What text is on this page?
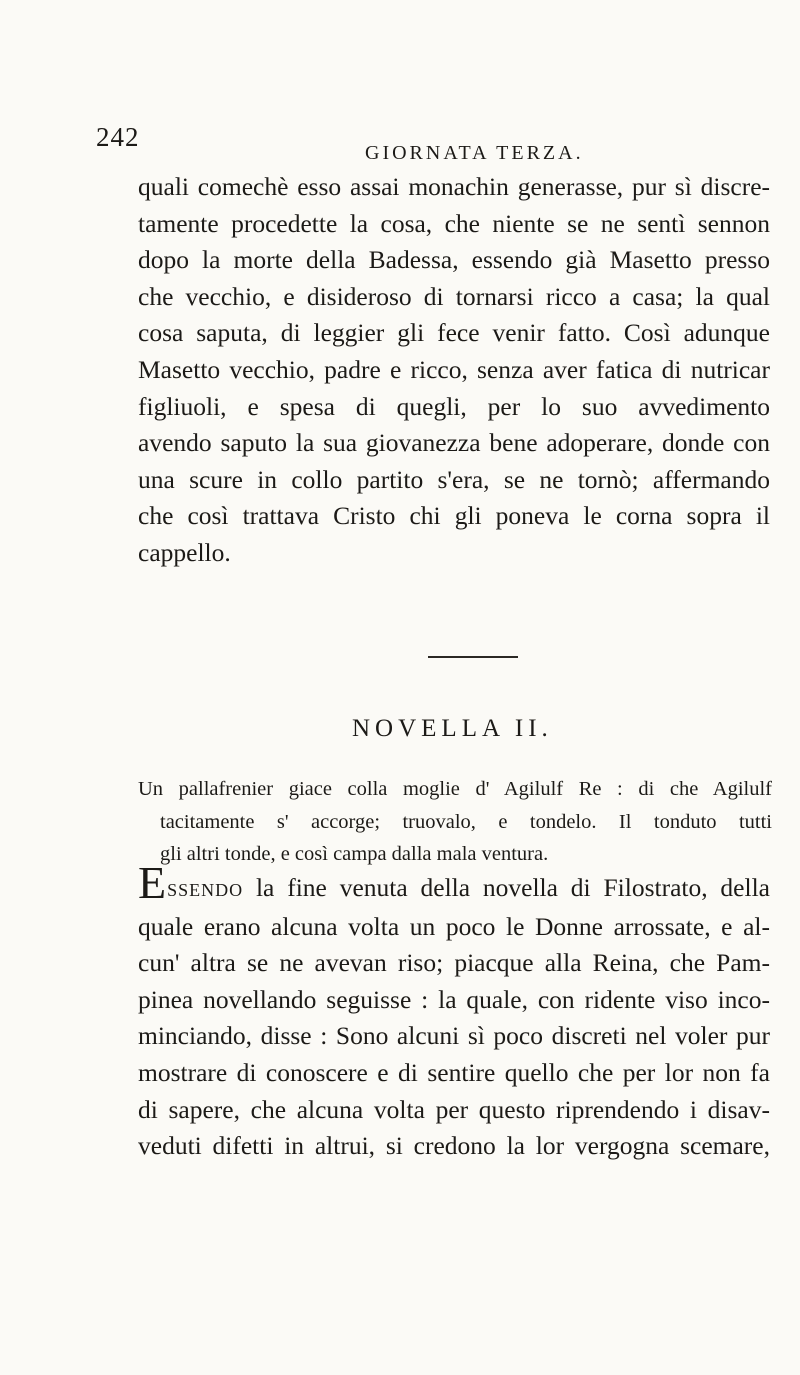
242
GIORNATA TERZA.
quali comechè esso assai monachin generasse, pur sì discre-
tamente procedette la cosa, che niente se ne sentì sennon
dopo la morte della Badessa, essendo già Masetto presso
che vecchio, e disideroso di tornarsi ricco a casa; la qual
cosa saputa, di leggier gli fece venir fatto. Così adunque
Masetto vecchio, padre e ricco, senza aver fatica di nutricar
figliuoli, e spesa di quegli, per lo suo avvedimento
avendo saputo la sua giovanezza bene adoperare, donde con
una scure in collo partito s'era, se ne tornò; affermando
che così trattava Cristo chi gli poneva le corna sopra il
cappello.
NOVELLA II.
Un pallafrenier giace colla moglie d' Agilulf Re : di che Agilulf
tacitamente s' accorge; truovalo, e tondelo. Il tonduto tutti
gli altri tonde, e così campa dalla mala ventura.
ESSENDO la fine venuta della novella di Filostrato, della
quale erano alcuna volta un poco le Donne arrossate, e al-
cun' altra se ne avevan riso; piacque alla Reina, che Pam-
pinea novellando seguisse : la quale, con ridente viso inco-
minciando, disse : Sono alcuni sì poco discreti nel voler pur
mostrare di conoscere e di sentire quello che per lor non fa
di sapere, che alcuna volta per questo riprendendo i disav-
veduti difetti in altrui, si credono la lor vergogna scemare,
